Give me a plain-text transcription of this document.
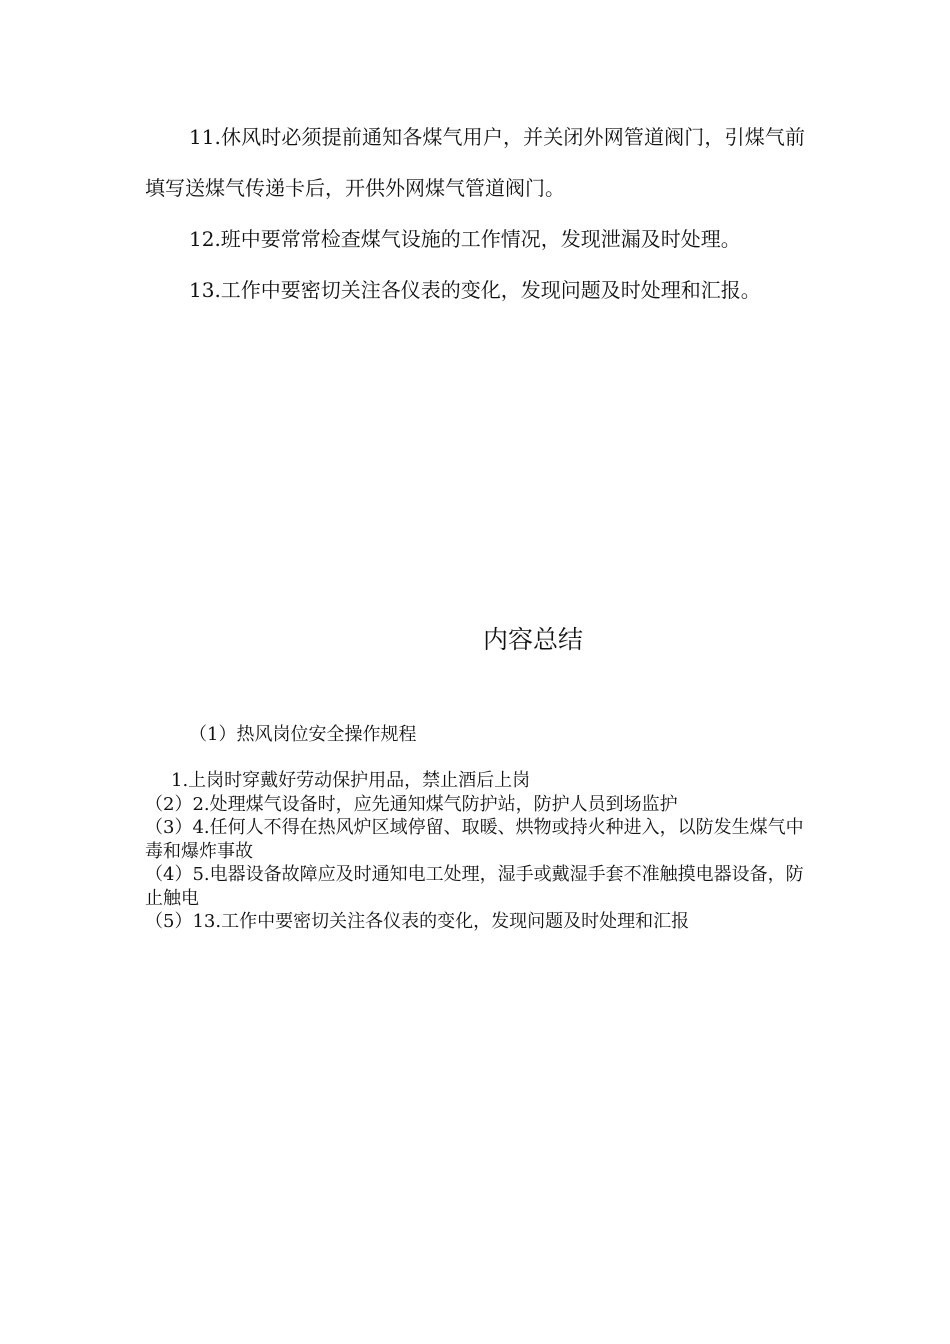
11.休风时必须提前通知各煤气用户，并关闭外网管道阀门，引煤气前填写送煤气传递卡后，开供外网煤气管道阀门。

12.班中要常常检查煤气设施的工作情况，发现泄漏及时处理。

13.工作中要密切关注各仪表的变化，发现问题及时处理和汇报。

内容总结

（1）热风岗位安全操作规程

1.上岗时穿戴好劳动保护用品，禁止酒后上岗

（2）2.处理煤气设备时，应先通知煤气防护站，防护人员到场监护

（3）4.任何人不得在热风炉区域停留、取暖、烘物或持火种进入，以防发生煤气中毒和爆炸事故

（4）5.电器设备故障应及时通知电工处理，湿手或戴湿手套不准触摸电器设备，防止触电

（5）13.工作中要密切关注各仪表的变化，发现问题及时处理和汇报
